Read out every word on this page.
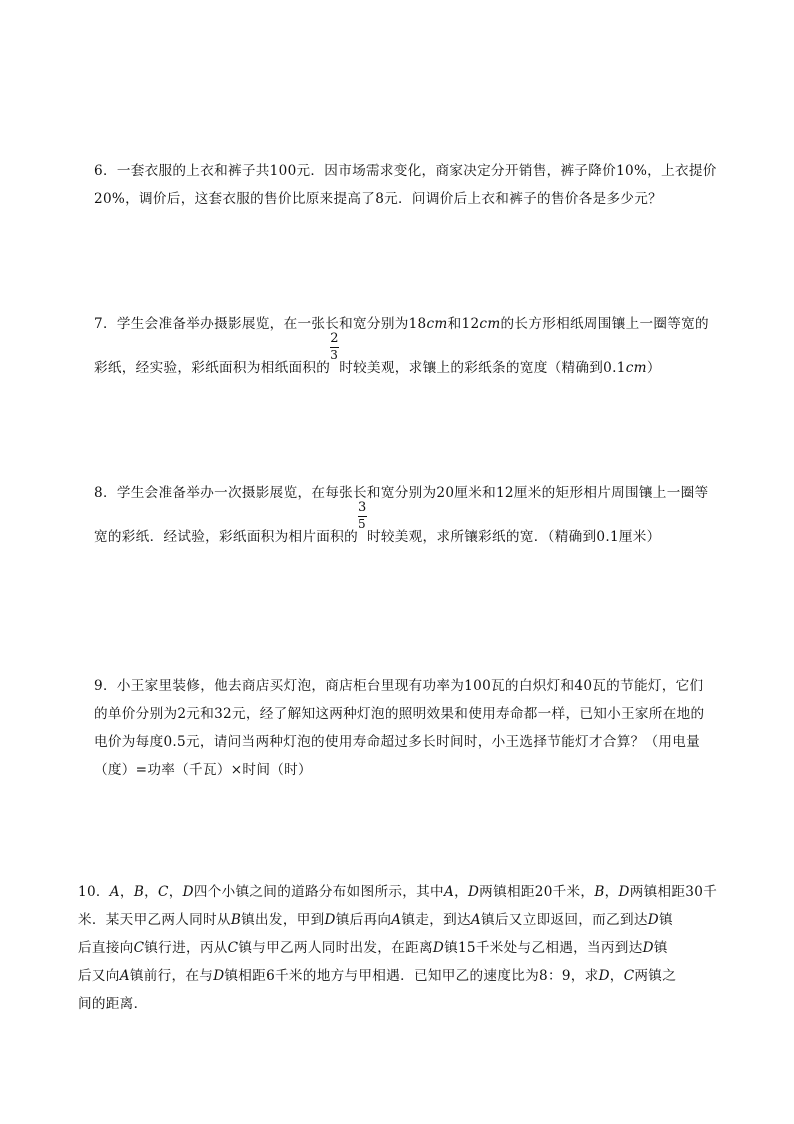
6．一套衣服的上衣和裤子共100元．因市场需求变化，商家决定分开销售，裤子降价10%，上衣提价
20%，调价后，这套衣服的售价比原来提高了8元．问调价后上衣和裤子的售价各是多少元？
7．学生会准备举办摄影展览，在一张长和宽分别为18cm和12cm的长方形相纸周围镶上一圈等宽的
彩纸，经实验，彩纸面积为相纸面积的 $\frac{2}{3}$ 时较美观，求镶上的彩纸条的宽度（精确到0.1cm）
8．学生会准备举办一次摄影展览，在每张长和宽分别为20厘米和12厘米的矩形相片周围镶上一圈等
宽的彩纸．经试验，彩纸面积为相片面积的 $\frac{3}{5}$ 时较美观，求所镶彩纸的宽．（精确到0.1厘米）
9．小王家里装修，他去商店买灯泡，商店柜台里现有功率为100瓦的白炽灯和40瓦的节能灯，它们
的单价分别为2元和32元，经了解知这两种灯泡的照明效果和使用寿命都一样，已知小王家所在地的
电价为每度0.5元，请问当两种灯泡的使用寿命超过多长时间时，小王选择节能灯才合算？（用电量
（度）=功率（千瓦）×时间（时）
10．A，B，C，D四个小镇之间的道路分布如图所示，其中A，D两镇相距20千米，B，D两镇相距30千
米．某天甲乙两人同时从B镇出发，甲到D镇后再向A镇走，到达A镇后又立即返回，而乙到达D镇
后直接向C镇行进，丙从C镇与甲乙两人同时出发，在距离D镇15千米处与乙相遇，当丙到达D镇
后又向A镇前行，在与D镇相距6千米的地方与甲相遇．已知甲乙的速度比为8：9，求D，C两镇之
间的距离．
